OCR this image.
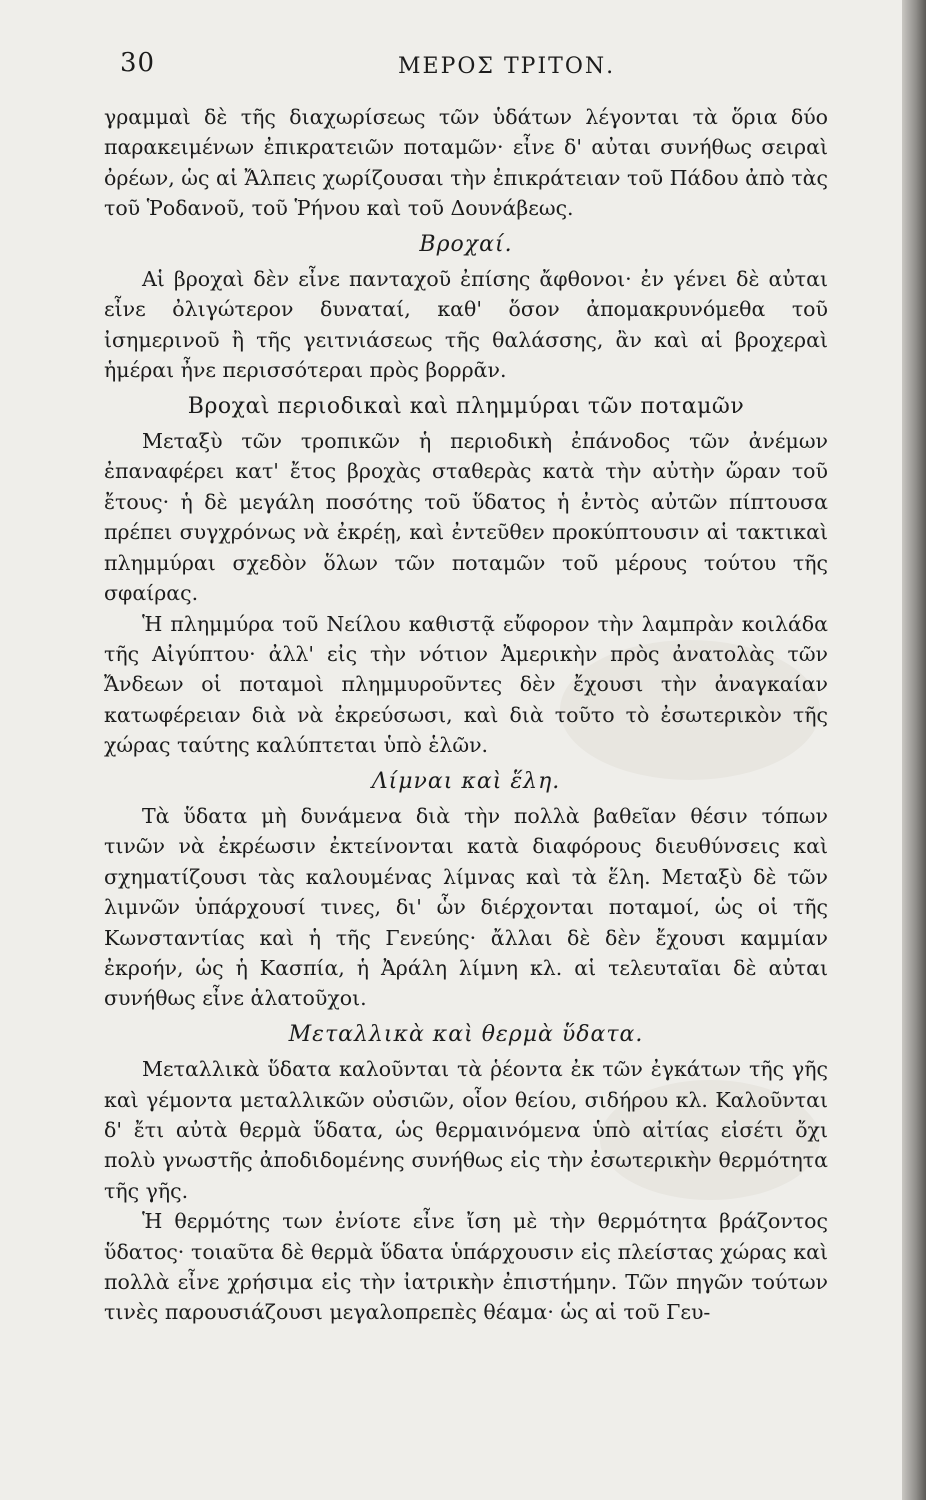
30	ΜΕΡΟΣ ΤΡΙΤΟΝ.

γραμμαὶ δὲ τῆς διαχωρίσεως τῶν ὑδάτων λέγονται τὰ ὅρια δύο παρακειμένων ἐπικρατειῶν ποταμῶν· εἶνε δ' αὐται συνήθως σειραὶ ὀρέων, ὡς αἱ Ἄλπεις χωρίζουσαι τὴν ἐπικράτειαν τοῦ Πάδου ἀπὸ τὰς τοῦ Ῥοδανοῦ, τοῦ Ῥήνου καὶ τοῦ Δουνάβεως.

Βροχαί.

Αἱ βροχαὶ δὲν εἶνε πανταχοῦ ἐπίσης ἄφθονοι· ἐν γένει δὲ αὐται εἶνε ὀλιγώτερον δυναταί, καθ' ὅσον ἀπομακρυνόμεθα τοῦ ἰσημερινοῦ ἢ τῆς γειτνιάσεως τῆς θαλάσσης, ἂν καὶ αἱ βροχεραὶ ἡμέραι ἦνε περισσότεραι πρὸς βορρᾶν.

Βροχαὶ περιοδικαὶ καὶ πλημμύραι τῶν ποταμῶν

Μεταξὺ τῶν τροπικῶν ἡ περιοδικὴ ἐπάνοδος τῶν ἀνέμων ἐπαναφέρει κατ' ἔτος βροχὰς σταθερὰς κατὰ τὴν αὐτὴν ὥραν τοῦ ἔτους· ἡ δὲ μεγάλη ποσότης τοῦ ὕδατος ἡ ἐντὸς αὐτῶν πίπτουσα πρέπει συγχρόνως νὰ ἐκρέῃ, καὶ ἐντεῦθεν προκύπτουσιν αἱ τακτικαὶ πλημμύραι σχεδὸν ὅλων τῶν ποταμῶν τοῦ μέρους τούτου τῆς σφαίρας.

Ἡ πλημμύρα τοῦ Νείλου καθιστᾷ εὔφορον τὴν λαμπρὰν κοιλάδα τῆς Αἰγύπτου· ἀλλ' εἰς τὴν νότιον Ἀμερικὴν πρὸς ἀνατολὰς τῶν Ἄνδεων οἱ ποταμοὶ πλημμυροῦντες δὲν ἔχουσι τὴν ἀναγκαίαν κατωφέρειαν διὰ νὰ ἐκρεύσωσι, καὶ διὰ τοῦτο τὸ ἐσωτερικὸν τῆς χώρας ταύτης καλύπτεται ὑπὸ ἑλῶν.

Λίμναι καὶ ἕλη.

Τὰ ὕδατα μὴ δυνάμενα διὰ τὴν πολλὰ βαθεῖαν θέσιν τόπων τινῶν νὰ ἐκρέωσιν ἐκτείνονται κατὰ διαφόρους διευθύνσεις καὶ σχηματίζουσι τὰς καλουμένας λίμνας καὶ τὰ ἕλη. Μεταξὺ δὲ τῶν λιμνῶν ὑπάρχουσί τινες, δι' ὧν διέρχονται ποταμοί, ὡς οἱ τῆς Κωνσταντίας καὶ ἡ τῆς Γενεύης· ἄλλαι δὲ δὲν ἔχουσι καμμίαν ἐκροήν, ὡς ἡ Κασπία, ἡ Ἀράλη λίμνη κλ. αἱ τελευταῖαι δὲ αὐται συνήθως εἶνε ἁλατοῦχοι.

Μεταλλικὰ καὶ θερμὰ ὕδατα.

Μεταλλικὰ ὕδατα καλοῦνται τὰ ῥέοντα ἐκ τῶν ἐγκάτων τῆς γῆς καὶ γέμοντα μεταλλικῶν οὐσιῶν, οἷον θείου, σιδήρου κλ. Καλοῦνται δ' ἔτι αὐτὰ θερμὰ ὕδατα, ὡς θερμαινόμενα ὑπὸ αἰτίας εἰσέτι ὄχι πολὺ γνωστῆς ἀποδιδομένης συνήθως εἰς τὴν ἐσωτερικὴν θερμότητα τῆς γῆς.

Ἡ θερμότης των ἐνίοτε εἶνε ἴση μὲ τὴν θερμότητα βράζοντος ὕδατος· τοιαῦτα δὲ θερμὰ ὕδατα ὑπάρχουσιν εἰς πλείστας χώρας καὶ πολλὰ εἶνε χρήσιμα εἰς τὴν ἰατρικὴν ἐπιστήμην. Τῶν πηγῶν τούτων τινὲς παρουσιάζουσι μεγαλοπρεπὲς θέαμα· ὡς αἱ τοῦ Γευ-
